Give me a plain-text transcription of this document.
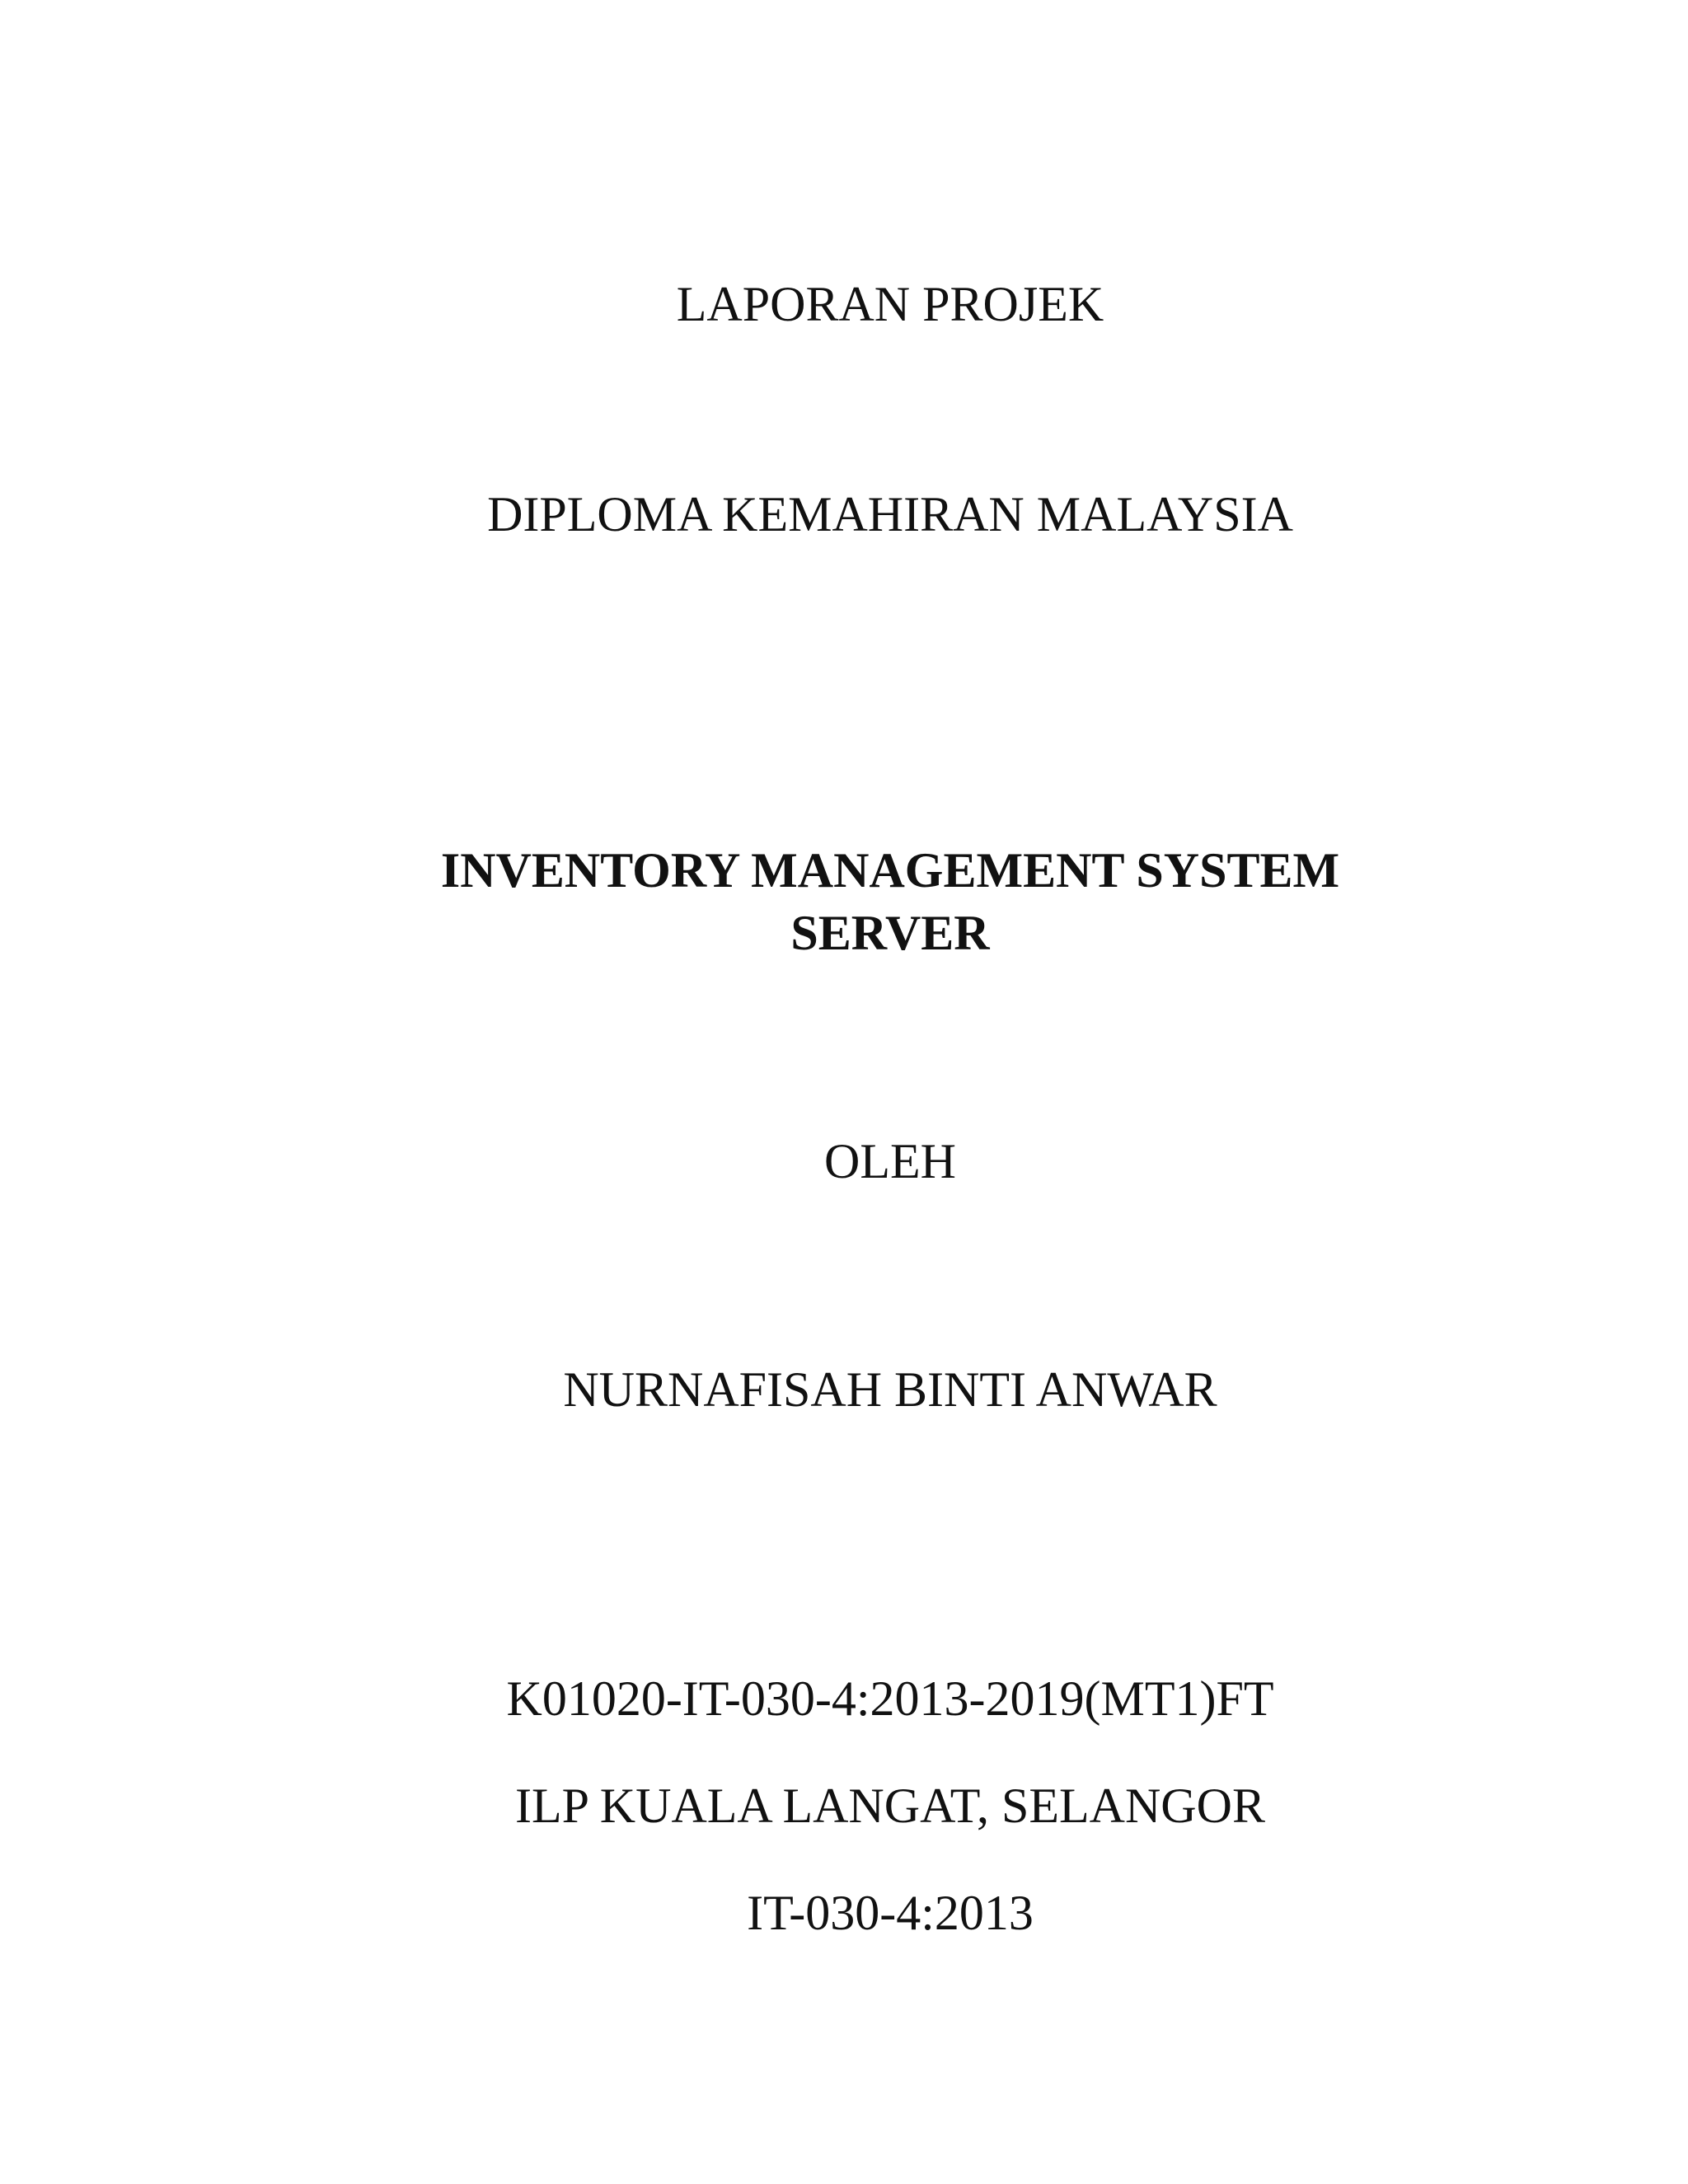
LAPORAN PROJEK
DIPLOMA KEMAHIRAN MALAYSIA
INVENTORY MANAGEMENT SYSTEM
SERVER
OLEH
NURNAFISAH BINTI ANWAR
K01020-IT-030-4:2013-2019(MT1)FT
ILP KUALA LANGAT, SELANGOR
IT-030-4:2013
